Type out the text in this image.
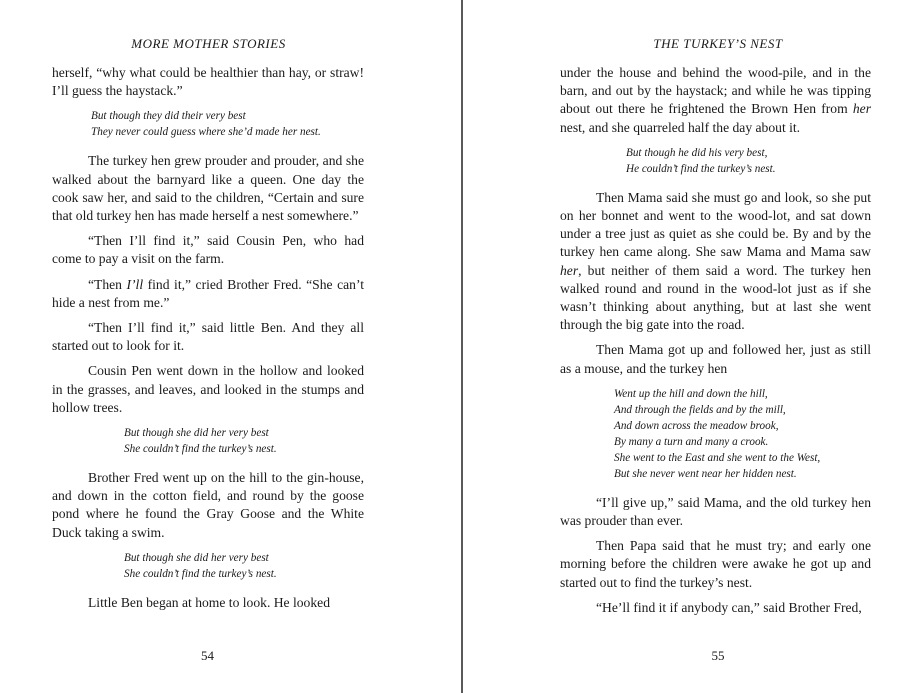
MORE MOTHER STORIES

herself, “why what could be healthier than hay, or straw! I’ll guess the haystack.”

But though they did their very best
They never could guess where she’d made her nest.

The turkey hen grew prouder and prouder, and she walked about the barnyard like a queen. One day the cook saw her, and said to the children, “Certain and sure that old turkey hen has made herself a nest somewhere.”

“Then I’ll find it,” said Cousin Pen, who had come to pay a visit on the farm.

“Then I’ll find it,” cried Brother Fred. “She can’t hide a nest from me.”

“Then I’ll find it,” said little Ben. And they all started out to look for it.

Cousin Pen went down in the hollow and looked in the grasses, and leaves, and looked in the stumps and hollow trees.

But though she did her very best
She couldn’t find the turkey’s nest.

Brother Fred went up on the hill to the gin-house, and down in the cotton field, and round by the goose pond where he found the Gray Goose and the White Duck taking a swim.

But though she did her very best
She couldn’t find the turkey’s nest.

Little Ben began at home to look. He looked

54
THE TURKEY’S NEST

under the house and behind the wood-pile, and in the barn, and out by the haystack; and while he was tipping about out there he frightened the Brown Hen from her nest, and she quarreled half the day about it.

But though he did his very best,
He couldn’t find the turkey’s nest.

Then Mama said she must go and look, so she put on her bonnet and went to the wood-lot, and sat down under a tree just as quiet as she could be. By and by the turkey hen came along. She saw Mama and Mama saw her, but neither of them said a word. The turkey hen walked round and round in the wood-lot just as if she wasn’t thinking about anything, but at last she went through the big gate into the road.

Then Mama got up and followed her, just as still as a mouse, and the turkey hen

Went up the hill and down the hill,
And through the fields and by the mill,
And down across the meadow brook,
By many a turn and many a crook.
She went to the East and she went to the West,
But she never went near her hidden nest.

“I’ll give up,” said Mama, and the old turkey hen was prouder than ever.

Then Papa said that he must try; and early one morning before the children were awake he got up and started out to find the turkey’s nest.

“He’ll find it if anybody can,” said Brother Fred,

55
